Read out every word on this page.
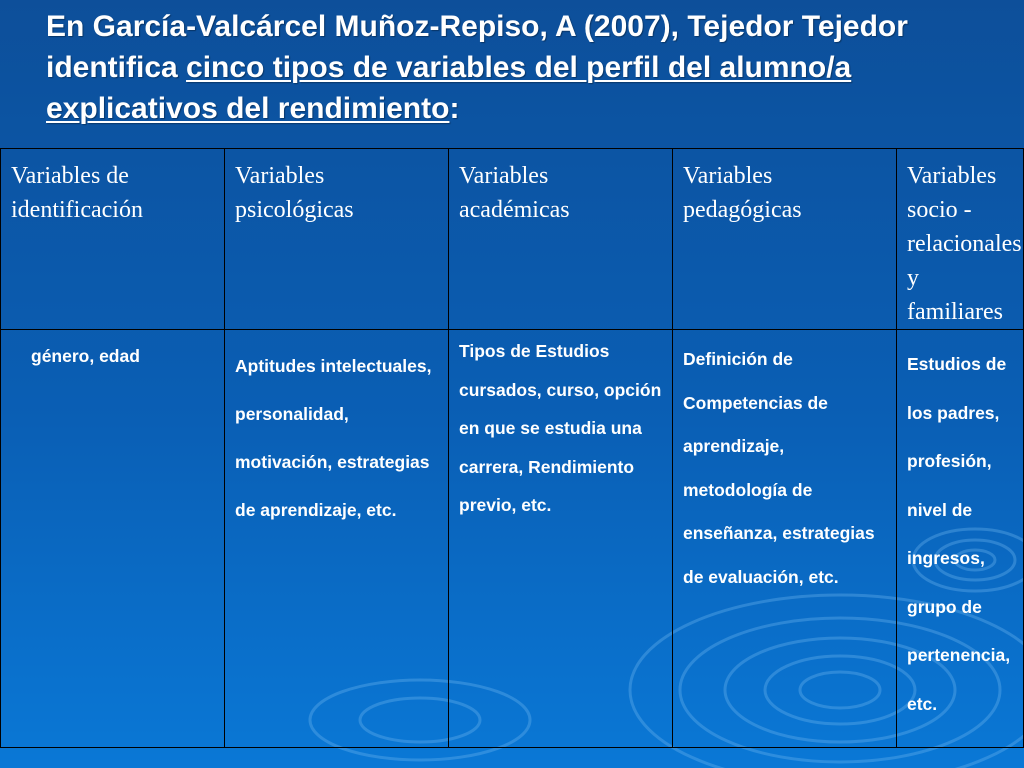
En García-Valcárcel Muñoz-Repiso, A (2007), Tejedor Tejedor identifica cinco tipos de variables del perfil del alumno/a explicativos del rendimiento:
Variables de identificación	Variables psicológicas	Variables académicas	Variables pedagógicas	Variables socio -relacionales y familiares
género, edad	Aptitudes intelectuales, personalidad, motivación, estrategias de aprendizaje, etc.	Tipos de Estudios cursados, curso, opción en que se estudia una carrera, Rendimiento previo, etc.	Definición de Competencias de aprendizaje, metodología de enseñanza, estrategias de evaluación, etc.	Estudios de los padres, profesión, nivel de ingresos, grupo de pertenencia, etc.
